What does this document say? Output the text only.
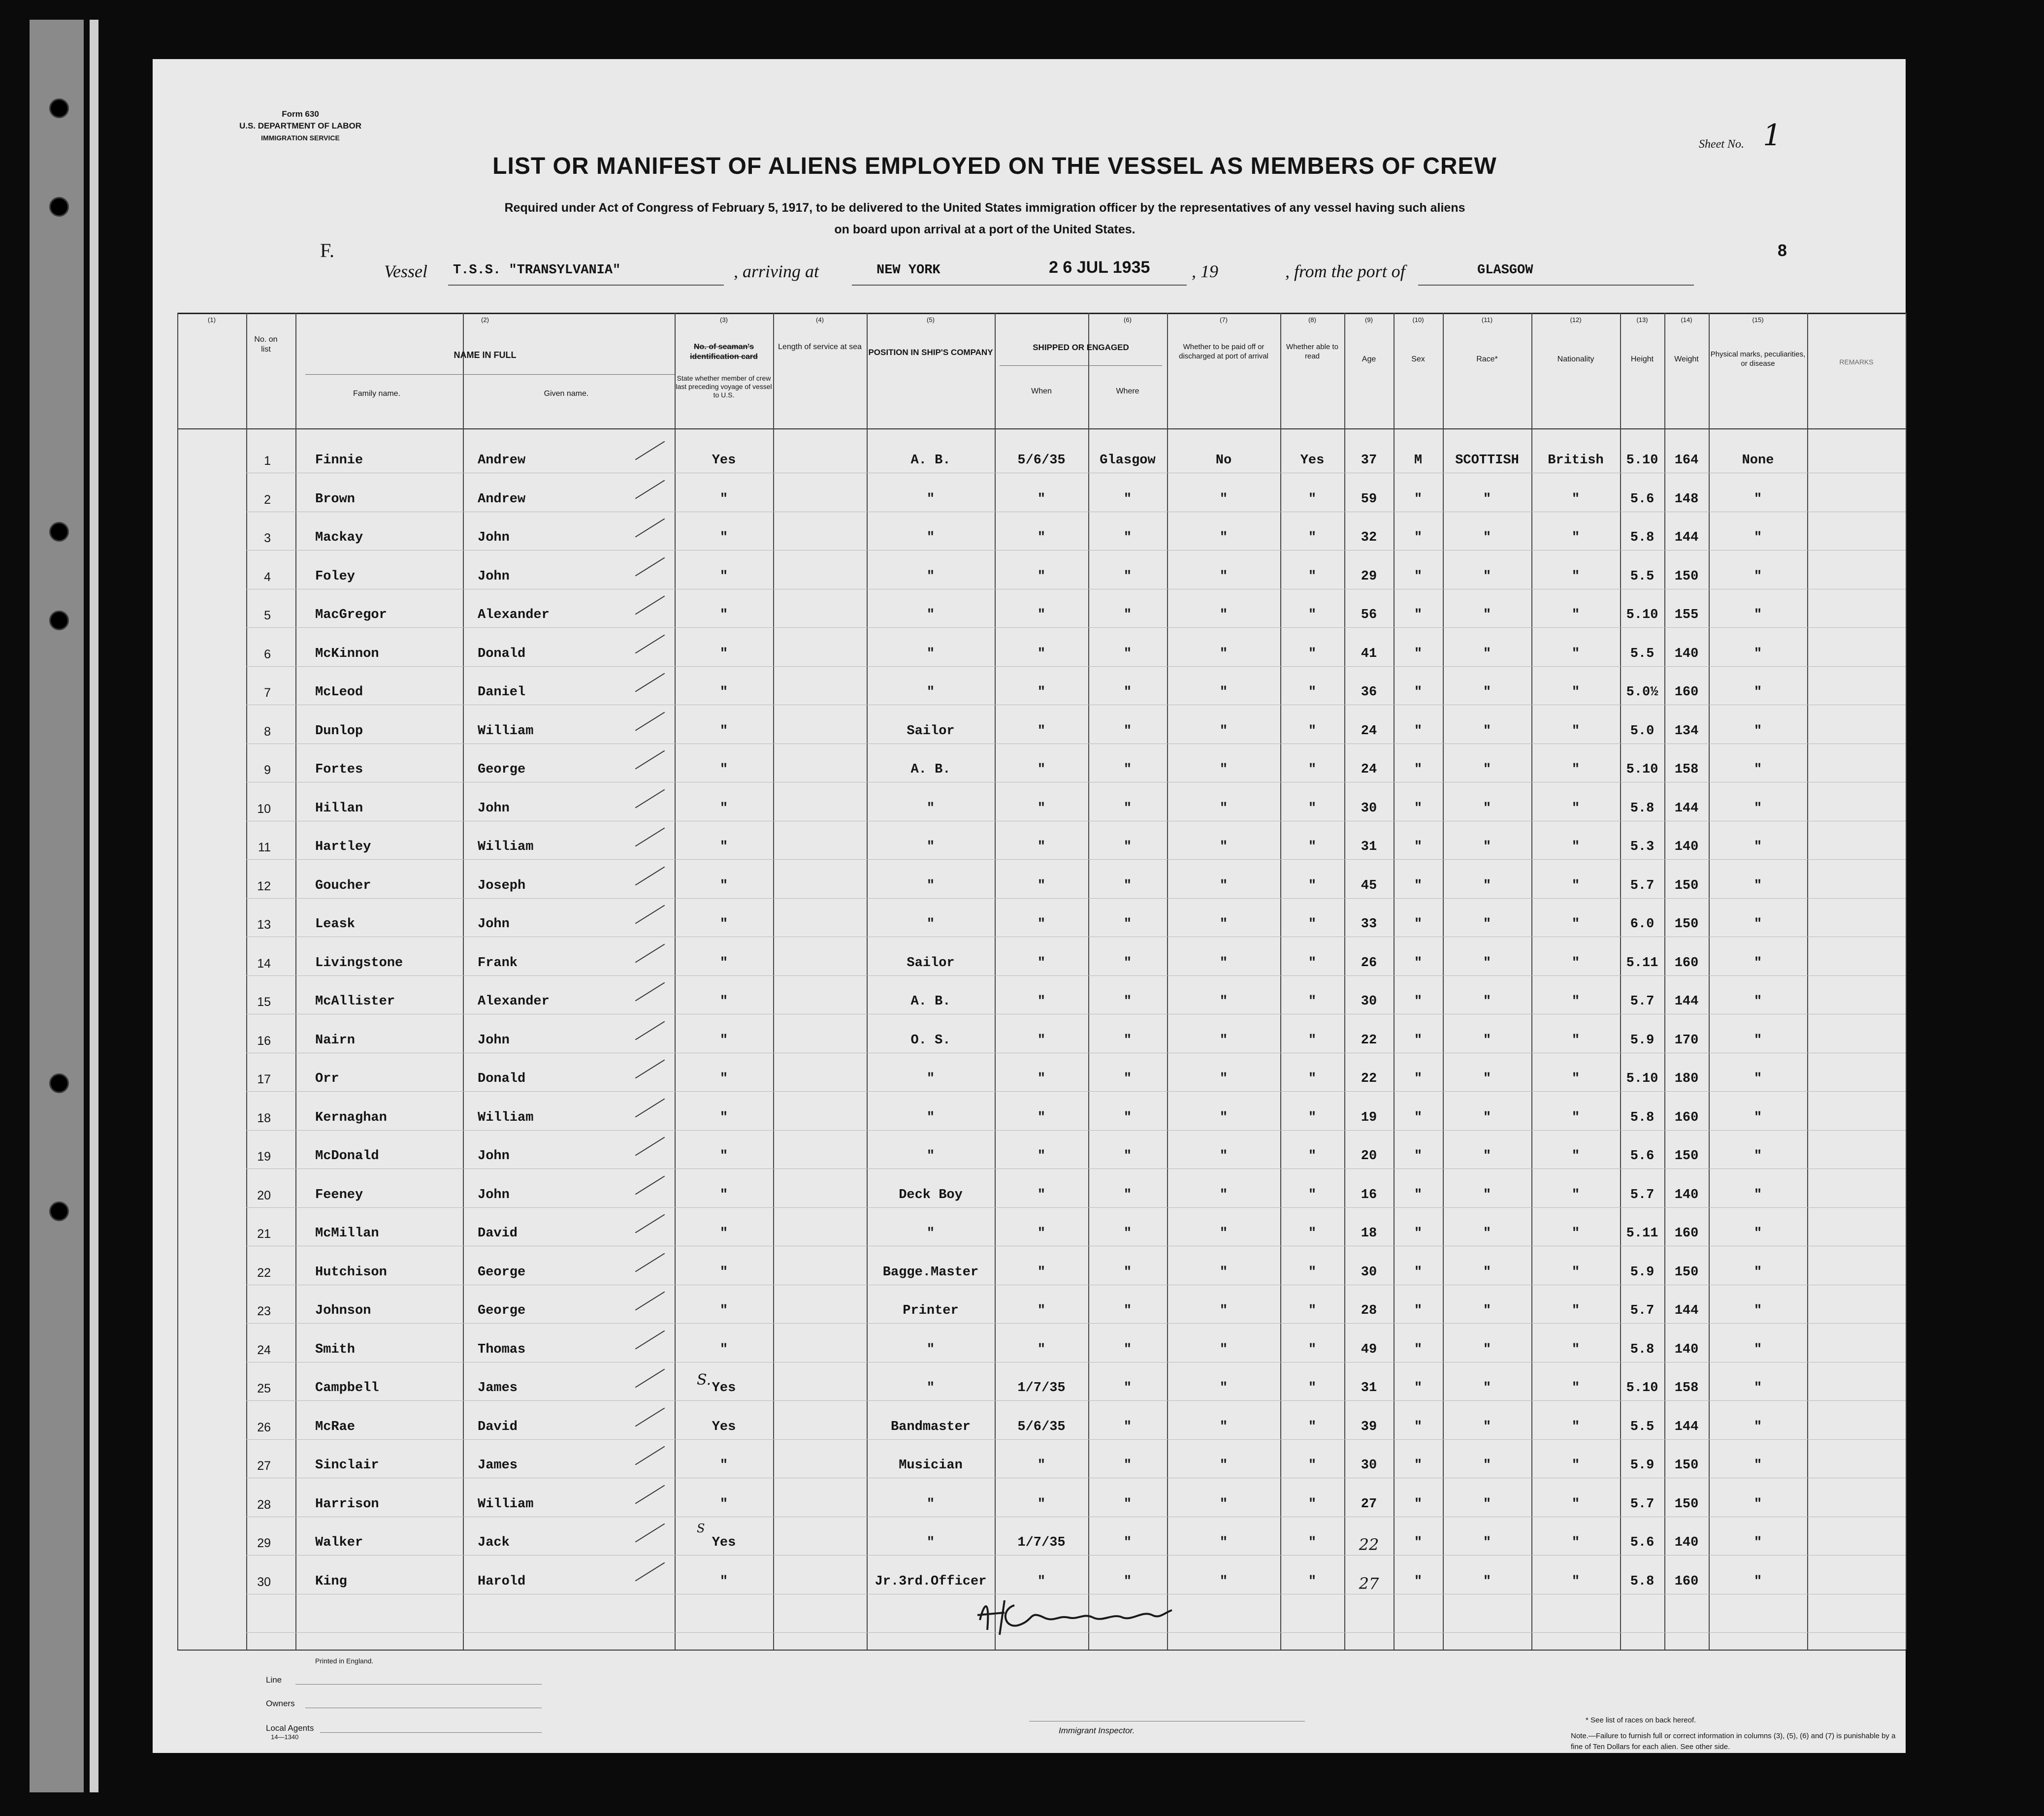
Form 630
U.S. DEPARTMENT OF LABOR
IMMIGRATION SERVICE	Sheet No. 1
LIST OR MANIFEST OF ALIENS EMPLOYED ON THE VESSEL AS MEMBERS OF CREW
Required under Act of Congress of February 5, 1917, to be delivered to the United States immigration officer by the representatives of any vessel having such aliens
on board upon arrival at a port of the United States.
8
F.
Vessel T.S.S. "TRANSYLVANIA"	, arriving at	NEW YORK	2 6 JUL 1935 , 19	, from the port of	GLASGOW
(1)	(2)	(3)	(4)	(5)	(6)	(7)	(8)	(9)	(10)	(11)	(12)	(13)	(14)	(15)
No. on list
NAME IN FULL
Family name.	Given name.
No. of seaman's identification card
State whether member of crew last preceding voyage of vessel to U.S.
Length of service at sea
POSITION IN SHIP'S COMPANY
SHIPPED OR ENGAGED
When	Where
Whether to be paid off or discharged at port of arrival
Whether able to read	Age	Sex	Race*	Nationality	Height	Weight
Physical marks, peculiarities, or disease	REMARKS
1	Finnie	Andrew	Yes	A. B.	5/6/35	Glasgow	No	Yes	37	M	SCOTTISH	British	5.10	164	None
2	Brown	Andrew	"	"	"	"	"	"	59	"	"	"	5.6	148	"
3	Mackay	John	"	"	"	"	"	"	32	"	"	"	5.8	144	"
4	Foley	John	"	"	"	"	"	"	29	"	"	"	5.5	150	"
5	MacGregor	Alexander	"	"	"	"	"	"	56	"	"	"	5.10	155	"
6	McKinnon	Donald	"	"	"	"	"	"	41	"	"	"	5.5	140	"
7	McLeod	Daniel	"	"	"	"	"	"	36	"	"	"	5.0½	160	"
8	Dunlop	William	"	Sailor	"	"	"	"	24	"	"	"	5.0	134	"
9	Fortes	George	"	A. B.	"	"	"	"	24	"	"	"	5.10	158	"
10	Hillan	John	"	"	"	"	"	"	30	"	"	"	5.8	144	"
11	Hartley	William	"	"	"	"	"	"	31	"	"	"	5.3	140	"
12	Goucher	Joseph	"	"	"	"	"	"	45	"	"	"	5.7	150	"
13	Leask	John	"	"	"	"	"	"	33	"	"	"	6.0	150	"
14	Livingstone	Frank	"	Sailor	"	"	"	"	26	"	"	"	5.11	160	"
15	McAllister	Alexander	"	A. B.	"	"	"	"	30	"	"	"	5.7	144	"
16	Nairn	John	"	O. S.	"	"	"	"	22	"	"	"	5.9	170	"
17	Orr	Donald	"	"	"	"	"	"	22	"	"	"	5.10	180	"
18	Kernaghan	William	"	"	"	"	"	"	19	"	"	"	5.8	160	"
19	McDonald	John	"	"	"	"	"	"	20	"	"	"	5.6	150	"
20	Feeney	John	"	Deck Boy	"	"	"	"	16	"	"	"	5.7	140	"
21	McMillan	David	"	"	"	"	"	"	18	"	"	"	5.11	160	"
22	Hutchison	George	"	Bagge.Master	"	"	"	"	30	"	"	"	5.9	150	"
23	Johnson	George	"	Printer	"	"	"	"	28	"	"	"	5.7	144	"
24	Smith	Thomas	"	"	"	"	"	"	49	"	"	"	5.8	140	"
25	Campbell	James	Yes	"	1/7/35	"	"	"	31	"	"	"	5.10	158	"
26	McRae	David	Yes	Bandmaster	5/6/35	"	"	"	39	"	"	"	5.5	144	"
27	Sinclair	James	"	Musician	"	"	"	"	30	"	"	"	5.9	150	"
28	Harrison	William	"	"	"	"	"	"	27	"	"	"	5.7	150	"
29	Walker	Jack	Yes	"	1/7/35	"	"	"	22	"	"	"	5.6	140	"
30	King	Harold	"	Jr.3rd.Officer	"	"	"	"	27	"	"	"	5.8	160	"
S.
S
Printed in England.
Line
Owners
Local Agents
14—1340
Immigrant Inspector.
* See list of races on back hereof.
Note.—Failure to furnish full or correct information in columns (3), (5), (6) and (7) is punishable by a fine of Ten Dollars for each alien. See other side.
